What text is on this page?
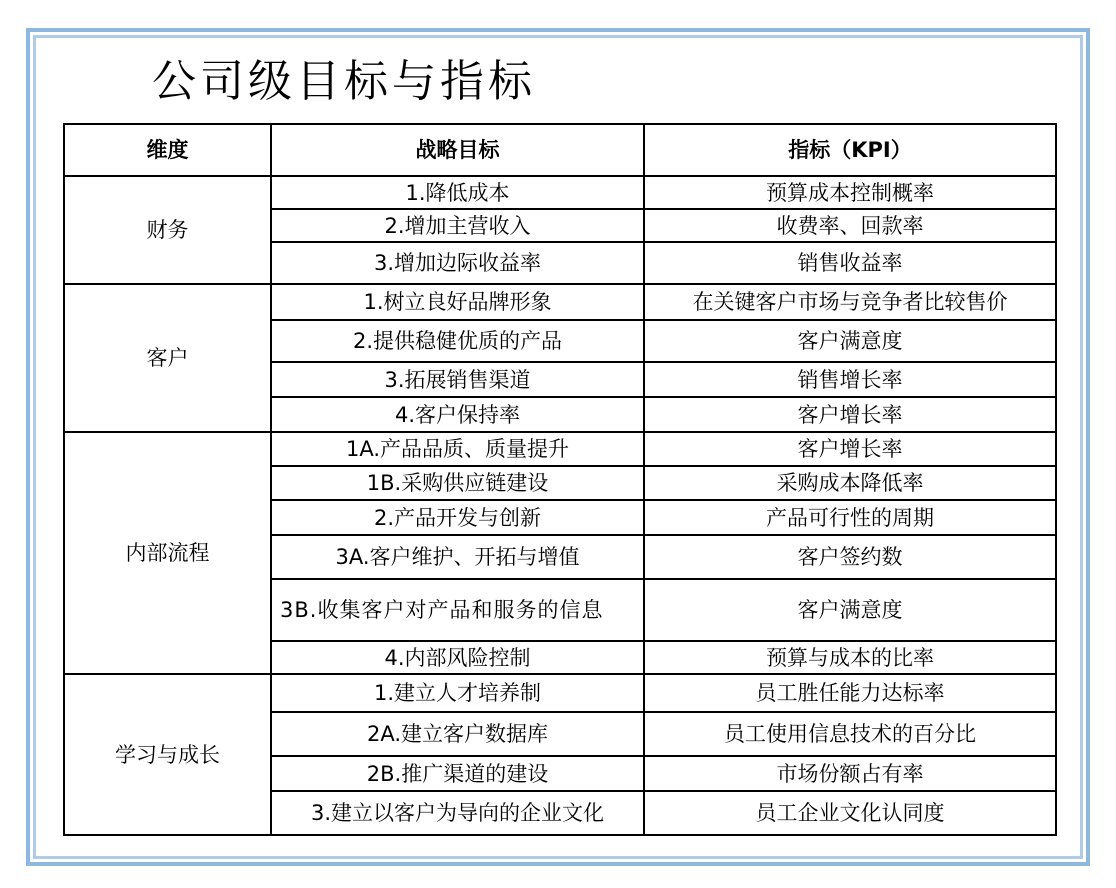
公司级目标与指标
维度	战略目标	指标（KPI）
财务	1.降低成本	预算成本控制概率
	2.增加主营收入	收费率、回款率
	3.增加边际收益率	销售收益率
客户	1.树立良好品牌形象	在关键客户市场与竞争者比较售价
	2.提供稳健优质的产品	客户满意度
	3.拓展销售渠道	销售增长率
	4.客户保持率	客户增长率
内部流程	1A.产品品质、质量提升	客户增长率
	1B.采购供应链建设	采购成本降低率
	2.产品开发与创新	产品可行性的周期
	3A.客户维护、开拓与增值	客户签约数
	3B.收集客户对产品和服务的信息	客户满意度
	4.内部风险控制	预算与成本的比率
学习与成长	1.建立人才培养制	员工胜任能力达标率
	2A.建立客户数据库	员工使用信息技术的百分比
	2B.推广渠道的建设	市场份额占有率
	3.建立以客户为导向的企业文化	员工企业文化认同度
